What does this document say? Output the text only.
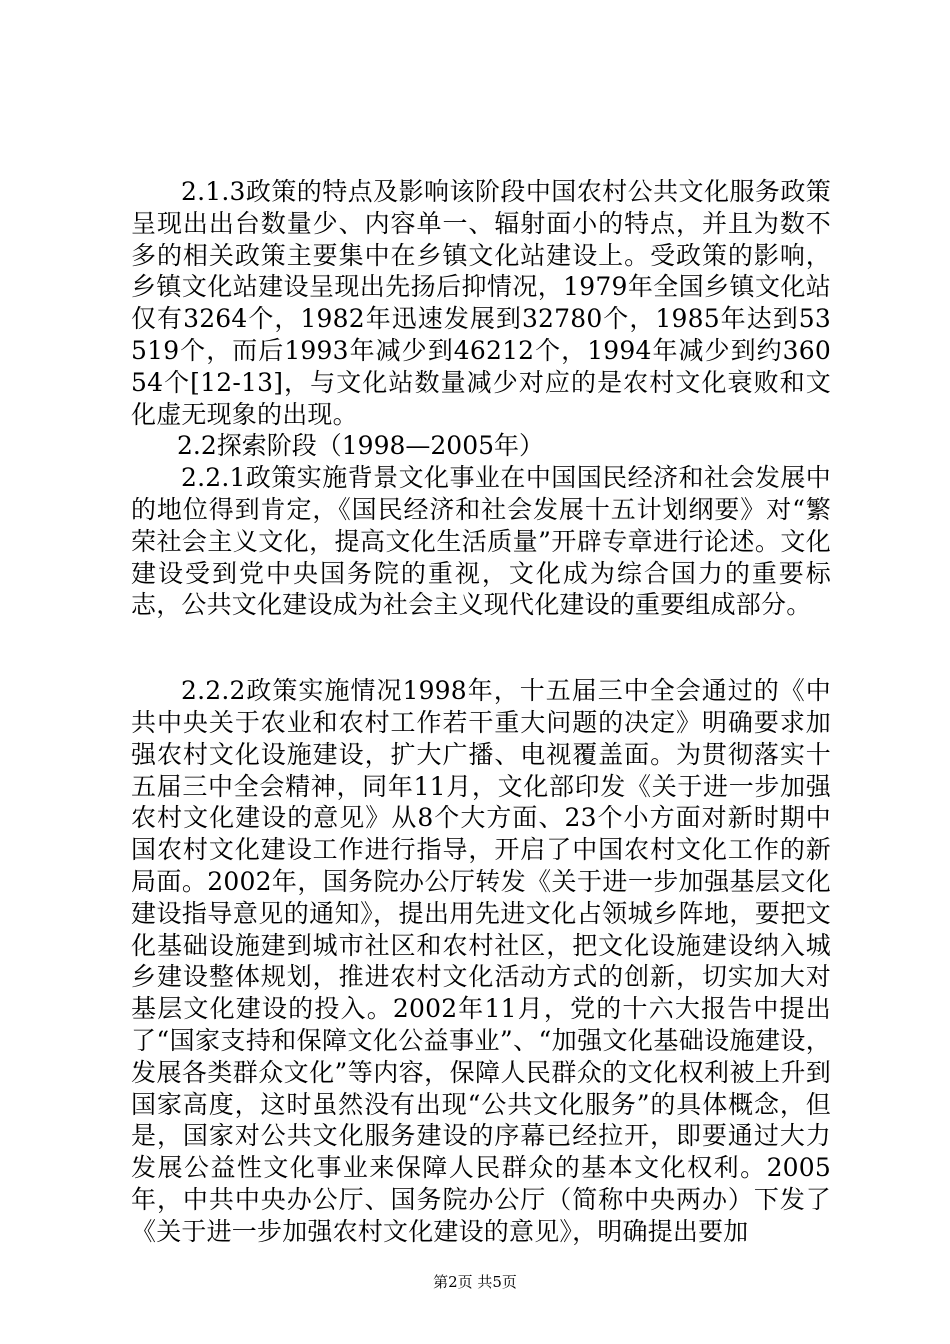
2.1.3政策的特点及影响该阶段中国农村公共文化服务政策呈现出出台数量少、内容单一、辐射面小的特点，并且为数不多的相关政策主要集中在乡镇文化站建设上。受政策的影响，乡镇文化站建设呈现出先扬后抑情况，1979年全国乡镇文化站仅有3264个，1982年迅速发展到32780个，1985年达到53519个，而后1993年减少到46212个，1994年减少到约36054个[12-13]，与文化站数量减少对应的是农村文化衰败和文化虚无现象的出现。

2.2探索阶段（1998—2005年）

2.2.1政策实施背景文化事业在中国国民经济和社会发展中的地位得到肯定，《国民经济和社会发展十五计划纲要》对“繁荣社会主义文化，提高文化生活质量”开辟专章进行论述。文化建设受到党中央国务院的重视，文化成为综合国力的重要标志，公共文化建设成为社会主义现代化建设的重要组成部分。

2.2.2政策实施情况1998年，十五届三中全会通过的《中共中央关于农业和农村工作若干重大问题的决定》明确要求加强农村文化设施建设，扩大广播、电视覆盖面。为贯彻落实十五届三中全会精神，同年11月，文化部印发《关于进一步加强农村文化建设的意见》从8个大方面、23个小方面对新时期中国农村文化建设工作进行指导，开启了中国农村文化工作的新局面。2002年，国务院办公厅转发《关于进一步加强基层文化建设指导意见的通知》，提出用先进文化占领城乡阵地，要把文化基础设施建到城市社区和农村社区，把文化设施建设纳入城乡建设整体规划，推进农村文化活动方式的创新，切实加大对基层文化建设的投入。2002年11月，党的十六大报告中提出了“国家支持和保障文化公益事业”、“加强文化基础设施建设，发展各类群众文化”等内容，保障人民群众的文化权利被上升到国家高度，这时虽然没有出现“公共文化服务”的具体概念，但是，国家对公共文化服务建设的序幕已经拉开，即要通过大力发展公益性文化事业来保障人民群众的基本文化权利。2005年，中共中央办公厅、国务院办公厅（简称中央两办）下发了《关于进一步加强农村文化建设的意见》，明确提出要加

第2页 共5页
